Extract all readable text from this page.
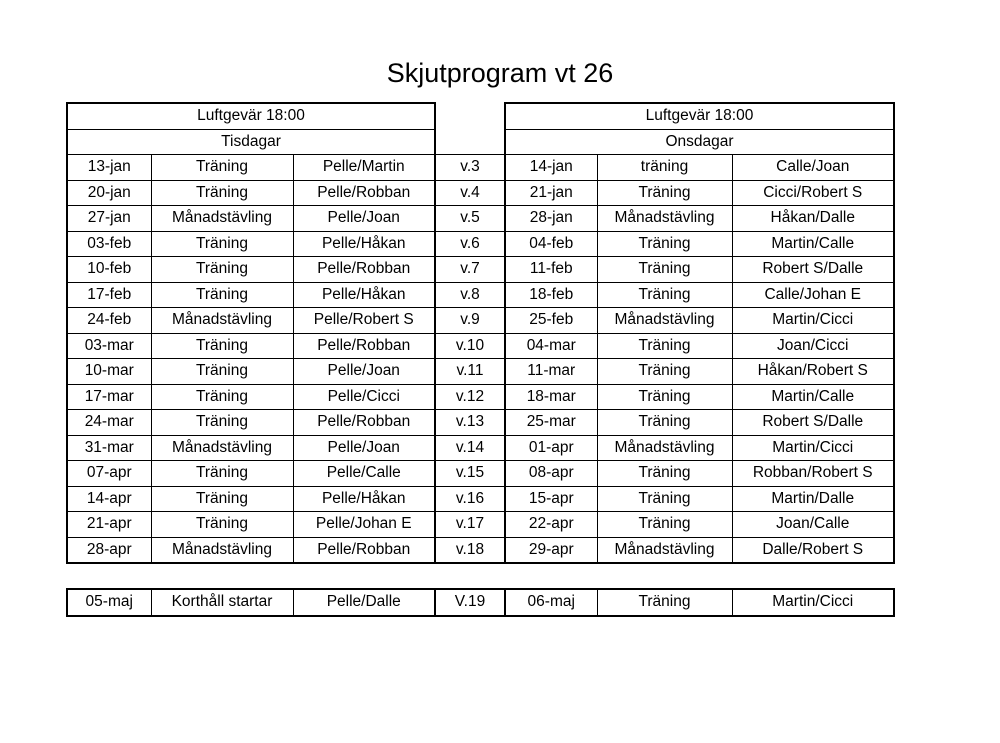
Skjutprogram vt 26
Luftgevär 18:00				Luftgevär 18:00		
Tisdagar				Onsdagar		
13-jan	Träning	Pelle/Martin	v.3	14-jan	träning	Calle/Joan
20-jan	Träning	Pelle/Robban	v.4	21-jan	Träning	Cicci/Robert S
27-jan	Månadstävling	Pelle/Joan	v.5	28-jan	Månadstävling	Håkan/Dalle
03-feb	Träning	Pelle/Håkan	v.6	04-feb	Träning	Martin/Calle
10-feb	Träning	Pelle/Robban	v.7	11-feb	Träning	Robert S/Dalle
17-feb	Träning	Pelle/Håkan	v.8	18-feb	Träning	Calle/Johan E
24-feb	Månadstävling	Pelle/Robert S	v.9	25-feb	Månadstävling	Martin/Cicci
03-mar	Träning	Pelle/Robban	v.10	04-mar	Träning	Joan/Cicci
10-mar	Träning	Pelle/Joan	v.11	11-mar	Träning	Håkan/Robert S
17-mar	Träning	Pelle/Cicci	v.12	18-mar	Träning	Martin/Calle
24-mar	Träning	Pelle/Robban	v.13	25-mar	Träning	Robert S/Dalle
31-mar	Månadstävling	Pelle/Joan	v.14	01-apr	Månadstävling	Martin/Cicci
07-apr	Träning	Pelle/Calle	v.15	08-apr	Träning	Robban/Robert S
14-apr	Träning	Pelle/Håkan	v.16	15-apr	Träning	Martin/Dalle
21-apr	Träning	Pelle/Johan E	v.17	22-apr	Träning	Joan/Calle
28-apr	Månadstävling	Pelle/Robban	v.18	29-apr	Månadstävling	Dalle/Robert S

05-maj	Korthåll startar	Pelle/Dalle	V.19	06-maj	Träning	Martin/Cicci
